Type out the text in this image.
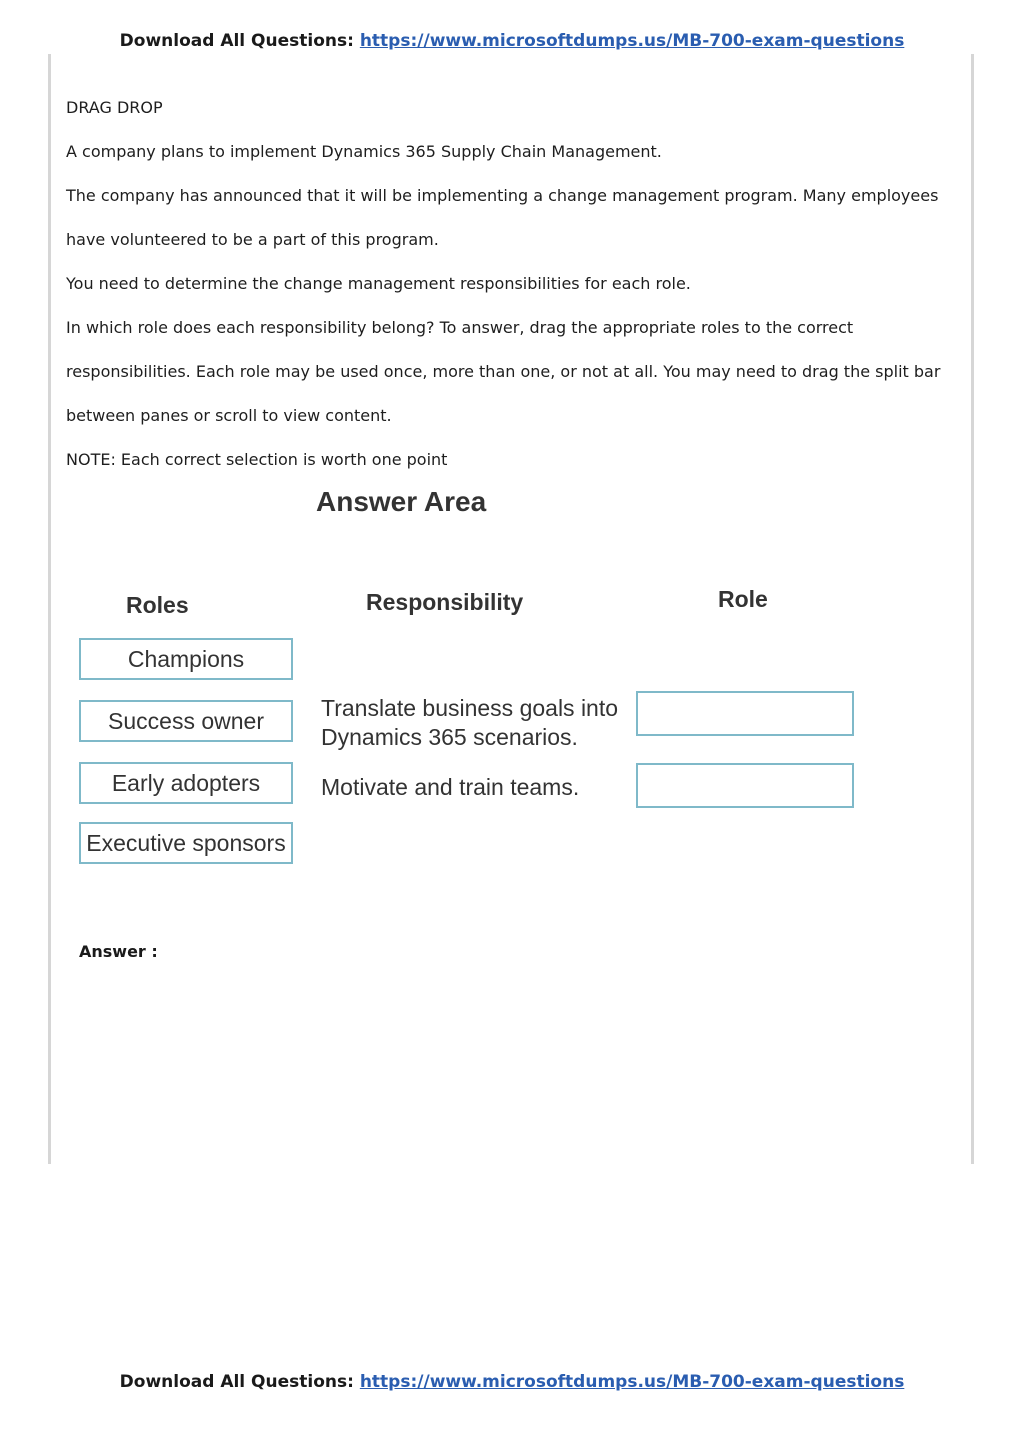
Download All Questions: https://www.microsoftdumps.us/MB-700-exam-questions
DRAG DROP
A company plans to implement Dynamics 365 Supply Chain Management.
The company has announced that it will be implementing a change management program. Many employees
have volunteered to be a part of this program.
You need to determine the change management responsibilities for each role.
In which role does each responsibility belong? To answer, drag the appropriate roles to the correct
responsibilities. Each role may be used once, more than one, or not at all. You may need to drag the split bar
between panes or scroll to view content.
NOTE: Each correct selection is worth one point
Answer Area
Roles	Responsibility	Role
Champions
Success owner
Early adopters
Executive sponsors
Translate business goals into
Dynamics 365 scenarios.
Motivate and train teams.
Answer :
Download All Questions: https://www.microsoftdumps.us/MB-700-exam-questions
